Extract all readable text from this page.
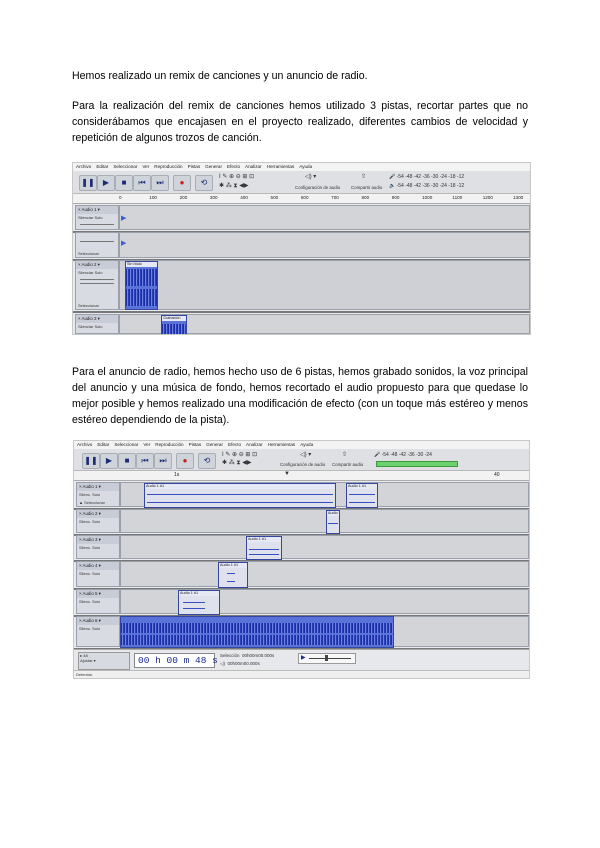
Hemos realizado un remix de canciones y un anuncio de radio.

Para la realización del remix de canciones hemos utilizado 3 pistas, recortar partes que no considerábamos que encajasen en el proyecto realizado, diferentes cambios de velocidad y repetición de algunos trozos de canción.

Para el anuncio de radio, hemos hecho uso de 6 pistas, hemos grabado sonidos, la voz principal del anuncio y una música de fondo, hemos recortado el audio propuesto para que quedase lo mejor posible y hemos realizado una modificación de efecto (con un toque más estéreo y menos estéreo dependiendo de la pista).

Archivo Editar Seleccionar Ver Reproducción Pistas Generar Efecto Analizar Herramientas Ayuda
❚❚	▶	■	⏮	⏭	●	⟲
I ✎ ⊕ ⊖ ⊞ ⊡
✱ ⁂ ⧗ ◀▶
◁) ▾
Configuración de audio
⇧
Compartir audio
🎤 -54 -48 -42 -36 -30 -24 -18 -12
🔈 -54 -48 -42 -36 -30 -24 -18 -12
0	100	200	300	400	500	600	700	800	900	1000	1100	1200	1300
× Audio 1 ▾
Silenciar Solo	▶
Seleccionar
▶
× Audio 2 ▾
Silenciar Solo
Seleccionar
Sin título
× Audio 3 ▾
Silenciar Solo
Grabación
Archivo Editar Seleccionar Ver Reproducción Pistas Generar Efecto Analizar Herramientas Ayuda
❚❚	▶	■	⏮	⏭	●	⟲
I ✎ ⊕ ⊖ ⊞ ⊡
✱ ⁂ ⧗ ◀▶
◁) ▾
Configuración de audio
⇧
Compartir audio
🎤 -54 -48 -42 -36 -30 -24
1s	▼	40
× Audio 1 ▾
Silenc. Solo
▲ Seleccionar
Audio 1 #1	Audio 1 #1
× Audio 2 ▾
Silenc. Solo
Audio
× Audio 3 ▾
Silenc. Solo
Audio 1 #1
× Audio 4 ▾
Silenc. Solo
Audio 1 #1
× Audio 5 ▾
Silenc. Solo
Audio 1 #1
× Audio 6 ▾
Silenc. Solo
▸ 48
Ajustar ▾	00 h 00 m 48 s Selección  00h00m00.000s
◁)  00h00m00.000s
▶
Detenido.
